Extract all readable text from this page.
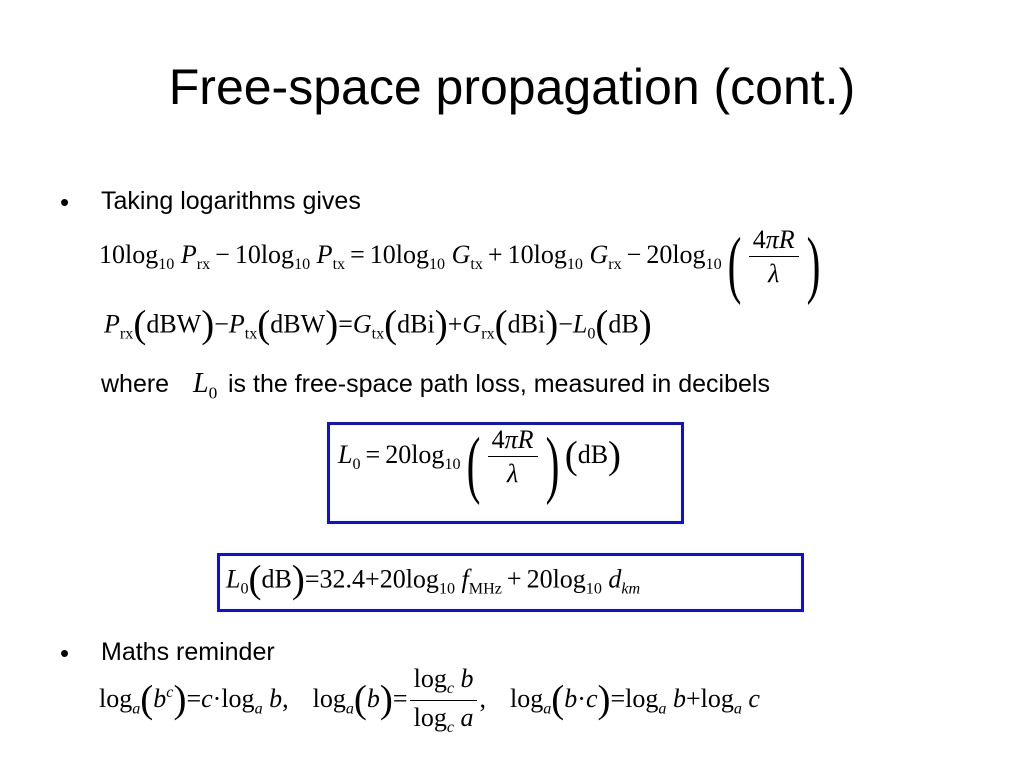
Free-space propagation (cont.)
• Taking logarithms gives
$10\log_{10}$ $P_{rx} - 10\log_{10}$ $P_{tx} = 10\log_{10}$ $G_{tx} + 10\log_{10}$ $G_{rx} - 20\log_{10}( \frac{4\pi R}{\lambda}$ )
$P_{rx}(dBW)-P_{tx}(dBW)=G_{tx}(dBi)+G_{rx}(dBi)-L_0(dB)$
where $L_0$ is the free-space path loss, measured in decibels
$L_0 = 20\log_{10}( \frac{4\pi R}{\lambda}$ ) (dB)
$L_0(dB)=32.4+20\log_{10}$ $f_{MHz} + 20\log_{10}$ $d_{km}$
• Maths reminder
$\log_a(b^c)=c\cdot\log_a$ b, $\log_a(b)= \frac{\log_c b}{\log_c a}$ , $\log_a(b\cdot c)=\log_a$ $b+\log_a$ c
